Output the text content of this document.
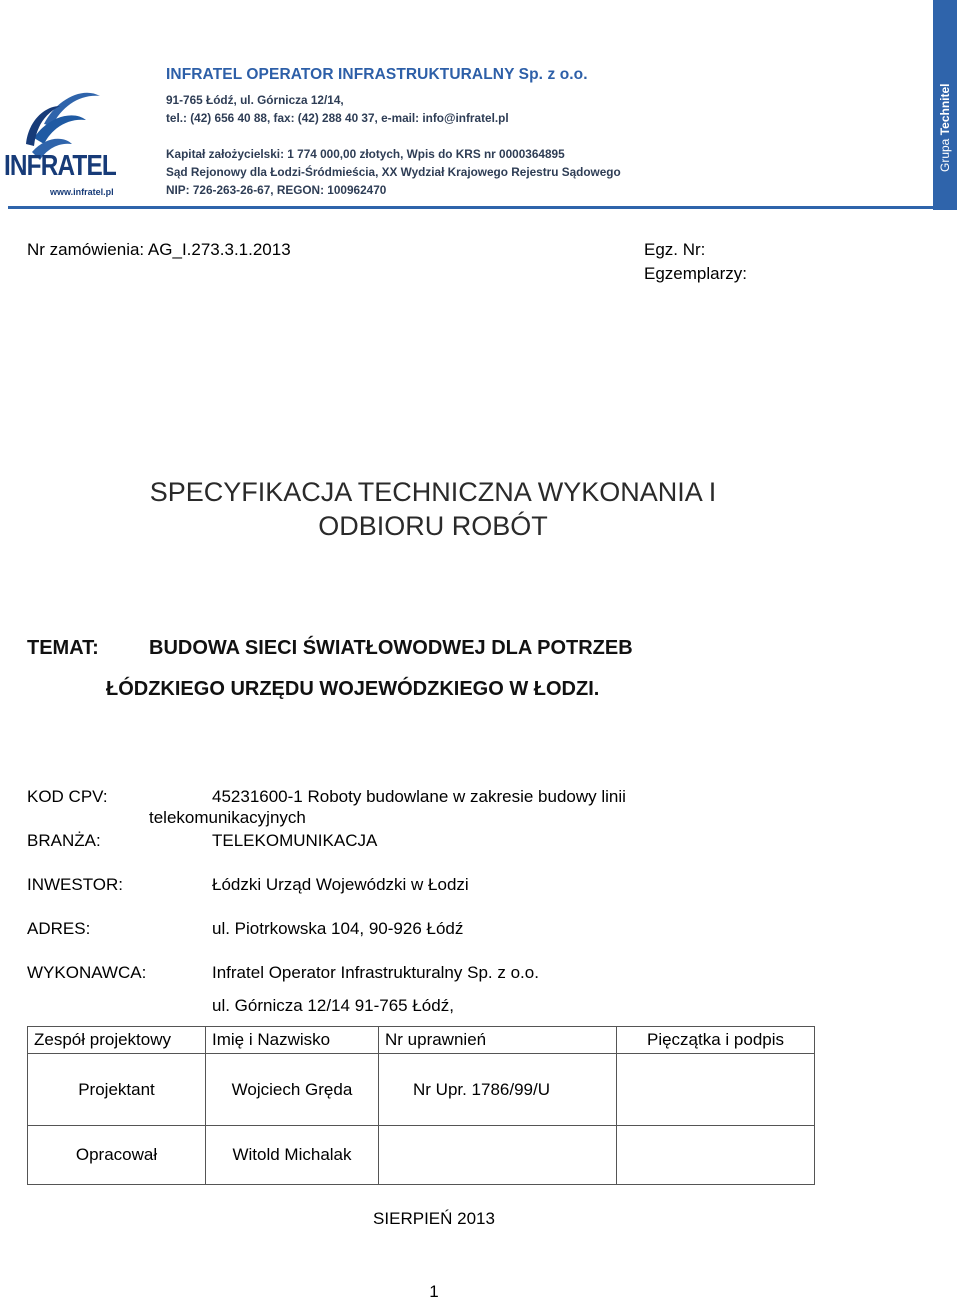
INFRATEL
www.infratel.pl
INFRATEL OPERATOR INFRASTRUKTURALNY Sp. z o.o.
91-765 Łódź, ul. Górnicza 12/14,
tel.: (42) 656 40 88, fax: (42) 288 40 37, e-mail: info@infratel.pl
Kapitał założycielski: 1 774 000,00 złotych, Wpis do KRS nr 0000364895
Sąd Rejonowy dla Łodzi-Śródmieścia, XX Wydział Krajowego Rejestru Sądowego
NIP: 726-263-26-67, REGON: 100962470
Grupa Technitel
Nr zamówienia: AG_I.273.3.1.2013	Egz. Nr:
Egzemplarzy:
SPECYFIKACJA TECHNICZNA WYKONANIA I
ODBIORU ROBÓT
TEMAT:	BUDOWA SIECI ŚWIATŁOWODWEJ DLA POTRZEB
ŁÓDZKIEGO URZĘDU WOJEWÓDZKIEGO W ŁODZI.
KOD CPV:	45231600-1 Roboty budowlane w zakresie budowy linii
telekomunikacyjnych
BRANŻA:	TELEKOMUNIKACJA
INWESTOR:	Łódzki Urząd Wojewódzki w Łodzi
ADRES:	ul. Piotrkowska 104, 90-926 Łódź
WYKONAWCA:	Infratel Operator Infrastrukturalny Sp. z o.o.
ul. Górnicza 12/14 91-765 Łódź,
Zespół projektowy	Imię i Nazwisko	Nr uprawnień	Pięczątka i podpis
Projektant	Wojciech Gręda	Nr Upr. 1786/99/U	
Opracował	Witold Michalak		
SIERPIEŃ 2013
1
